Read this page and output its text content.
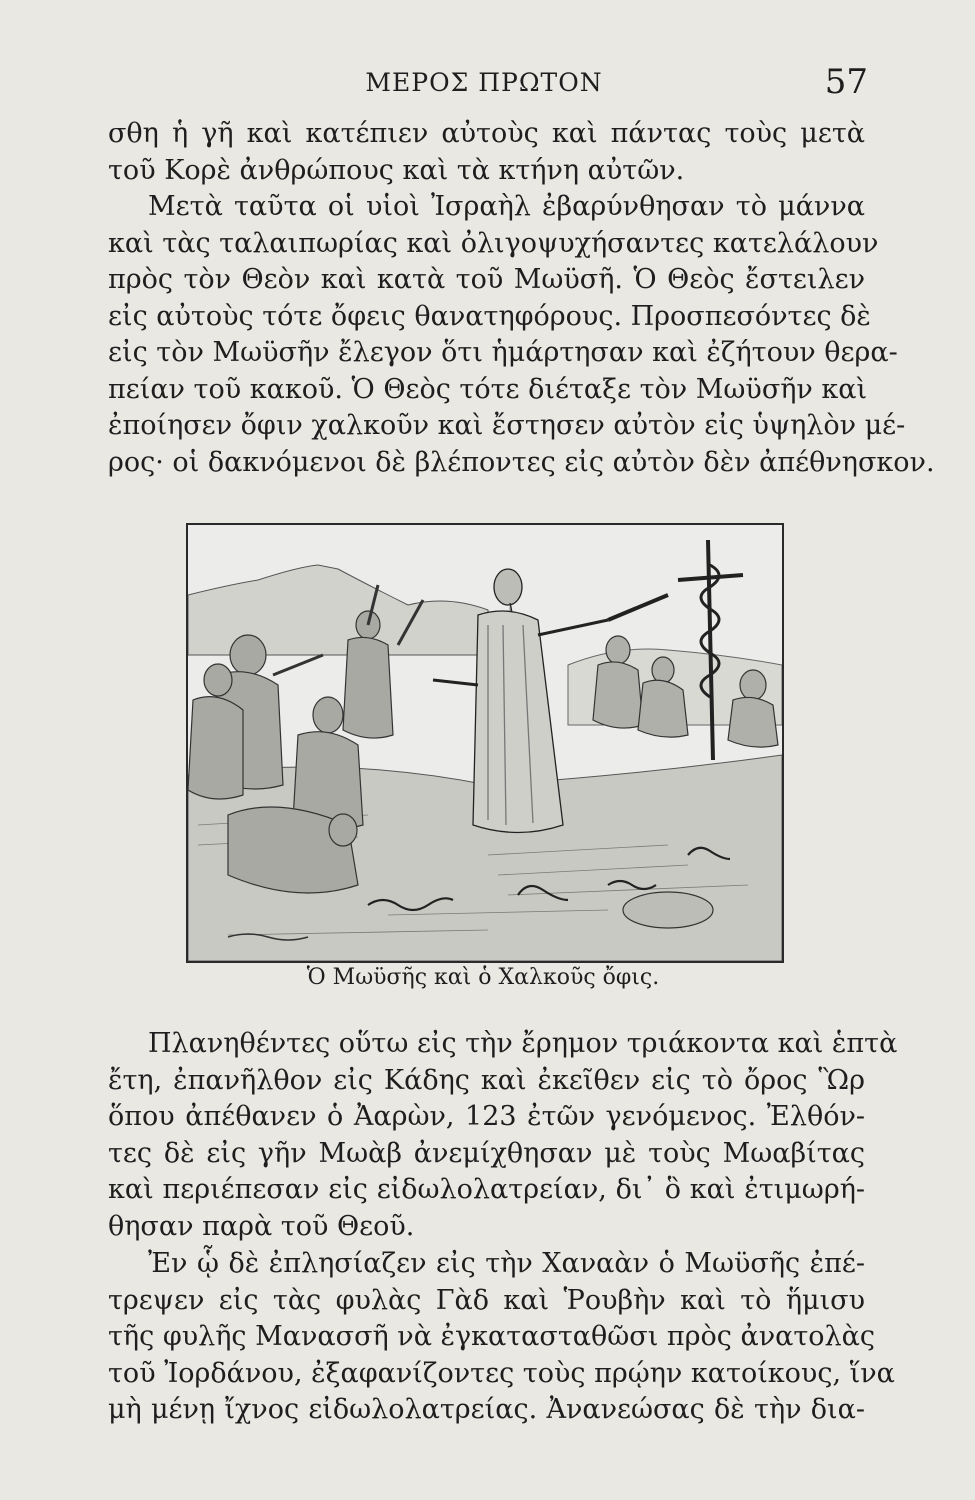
ΜΕΡΟΣ ΠΡΩΤΟΝ	57

σθη ἡ γῆ καὶ κατέπιεν αὐτοὺς καὶ πάντας τοὺς μετὰ
τοῦ Κορὲ ἀνθρώπους καὶ τὰ κτήνη αὐτῶν.
Μετὰ ταῦτα οἱ υἱοὶ Ἰσραὴλ ἐβαρύνθησαν τὸ μάννα
καὶ τὰς ταλαιπωρίας καὶ ὀλιγοψυχήσαντες κατελάλουν
πρὸς τὸν Θεὸν καὶ κατὰ τοῦ Μωϋσῆ. Ὁ Θεὸς ἔστειλεν
εἰς αὐτοὺς τότε ὄφεις θανατηφόρους. Προσπεσόντες δὲ
εἰς τὸν Μωϋσῆν ἔλεγον ὅτι ἡμάρτησαν καὶ ἐζήτουν θερα-
πείαν τοῦ κακοῦ. Ὁ Θεὸς τότε διέταξε τὸν Μωϋσῆν καὶ
ἐποίησεν ὄφιν χαλκοῦν καὶ ἔστησεν αὐτὸν εἰς ὑψηλὸν μέ-
ρος· οἱ δακνόμενοι δὲ βλέποντες εἰς αὐτὸν δὲν ἀπέθνησκον.

Ὁ Μωϋσῆς καὶ ὁ Χαλκοῦς ὄφις.

Πλανηθέντες οὕτω εἰς τὴν ἔρημον τριάκοντα καὶ ἑπτὰ
ἔτη, ἐπανῆλθον εἰς Κάδης καὶ ἐκεῖθεν εἰς τὸ ὄρος Ὣρ
ὅπου ἀπέθανεν ὁ Ἀαρὼν, 123 ἐτῶν γενόμενος. Ἐλθόν-
τες δὲ εἰς γῆν Μωὰβ ἀνεμίχθησαν μὲ τοὺς Μωαβίτας
καὶ περιέπεσαν εἰς εἰδωλολατρείαν, δι᾽ ὃ καὶ ἐτιμωρή-
θησαν παρὰ τοῦ Θεοῦ.

Ἐν ᾧ δὲ ἐπλησίαζεν εἰς τὴν Χαναὰν ὁ Μωϋσῆς ἐπέ-
τρεψεν εἰς τὰς φυλὰς Γὰδ καὶ Ῥουβὴν καὶ τὸ ἥμισυ
τῆς φυλῆς Μανασσῆ νὰ ἐγκατασταθῶσι πρὸς ἀνατολὰς
τοῦ Ἰορδάνου, ἐξαφανίζοντες τοὺς πρῴην κατοίκους, ἵνα
μὴ μένῃ ἴχνος εἰδωλολατρείας. Ἀνανεώσας δὲ τὴν δια-
